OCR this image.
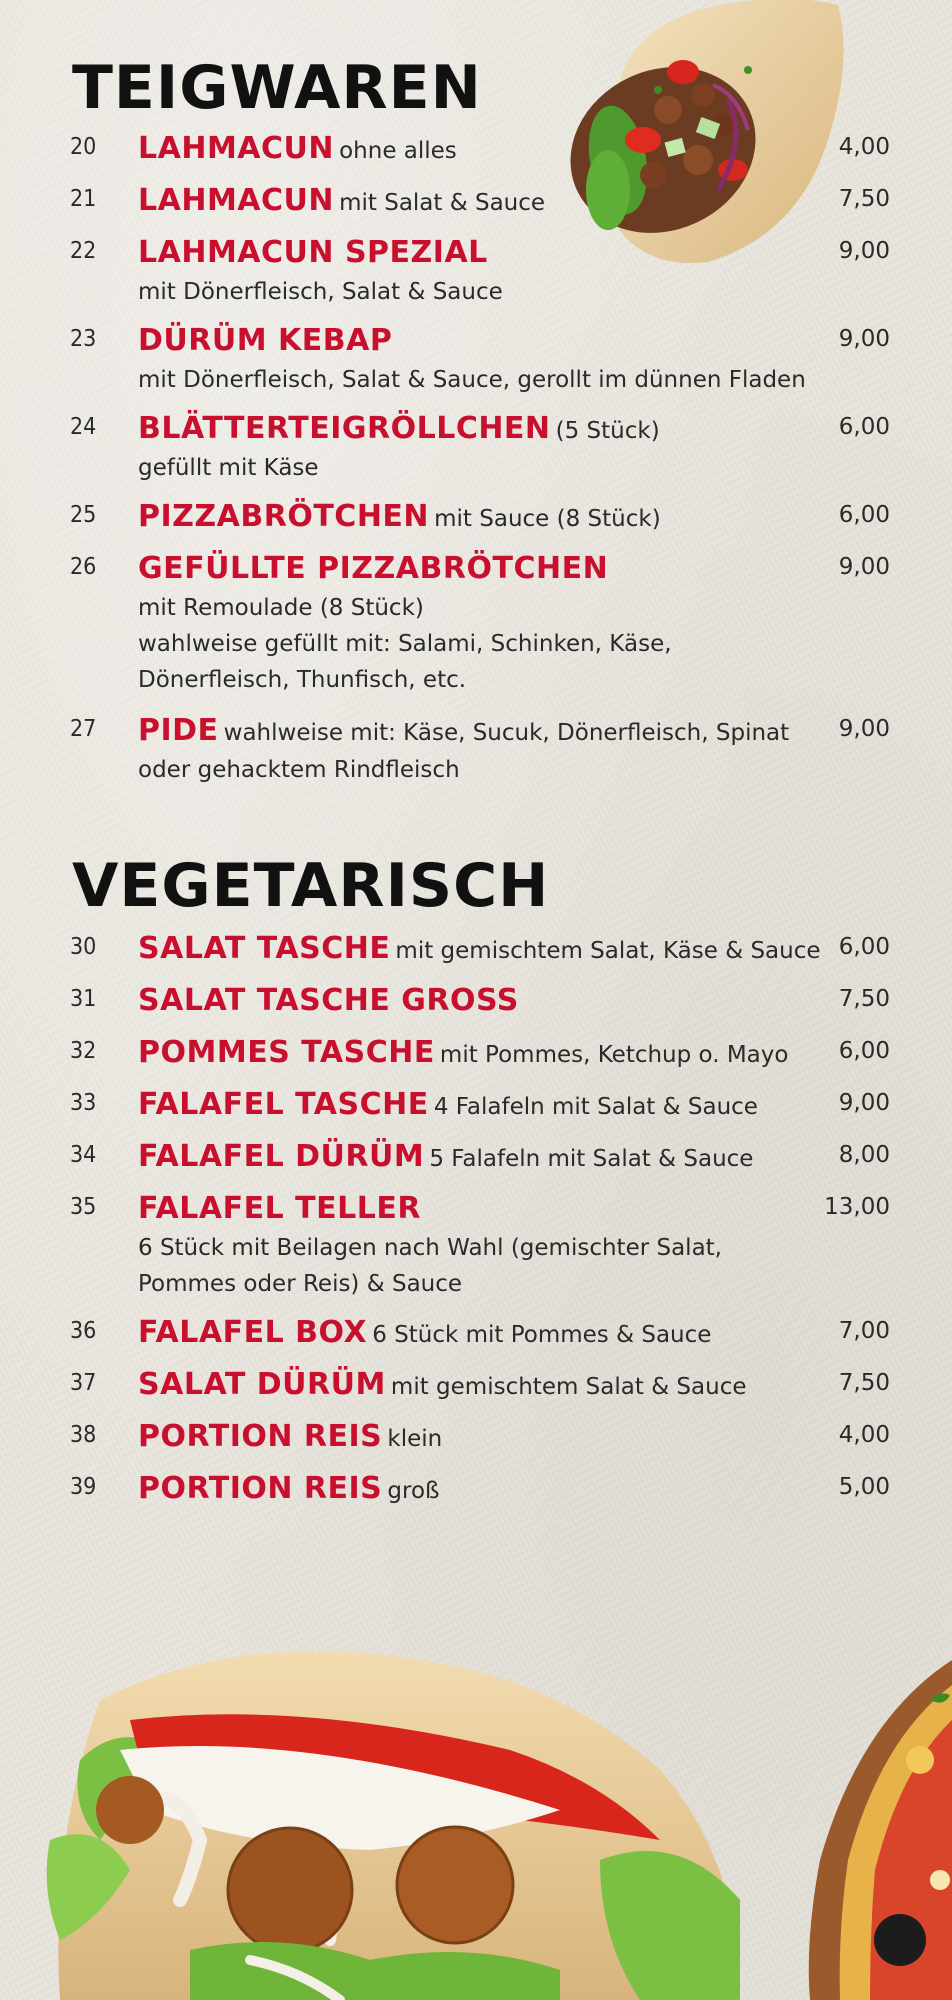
TEIGWAREN
20 LAHMACUN ohne alles	4,00
21 LAHMACUN mit Salat & Sauce	7,50
22 LAHMACUN SPEZIAL
mit Dönerfleisch, Salat & Sauce
9,00
23 DÜRÜM KEBAP
mit Dönerfleisch, Salat & Sauce, gerollt im dünnen Fladen
9,00
24 BLÄTTERTEIGRÖLLCHEN (5 Stück)
gefüllt mit Käse
6,00
25 PIZZABRÖTCHEN mit Sauce (8 Stück)	6,00
26 GEFÜLLTE PIZZABRÖTCHEN
mit Remoulade (8 Stück)
wahlweise gefüllt mit: Salami, Schinken, Käse,
Dönerfleisch, Thunfisch, etc.
9,00
27 PIDE wahlweise mit: Käse, Sucuk, Dönerfleisch, Spinat
oder gehacktem Rindfleisch
9,00
VEGETARISCH
30 SALAT TASCHE mit gemischtem Salat, Käse & Sauce 6,00
31 SALAT TASCHE GROSS	7,50
32 POMMES TASCHE mit Pommes, Ketchup o. Mayo	6,00
33 FALAFEL TASCHE 4 Falafeln mit Salat & Sauce	9,00
34 FALAFEL DÜRÜM 5 Falafeln mit Salat & Sauce	8,00
35 FALAFEL TELLER
6 Stück mit Beilagen nach Wahl (gemischter Salat,
Pommes oder Reis) & Sauce
13,00
36 FALAFEL BOX 6 Stück mit Pommes & Sauce	7,00
37 SALAT DÜRÜM mit gemischtem Salat & Sauce	7,50
38 PORTION REIS klein	4,00
39 PORTION REIS groß	5,00
